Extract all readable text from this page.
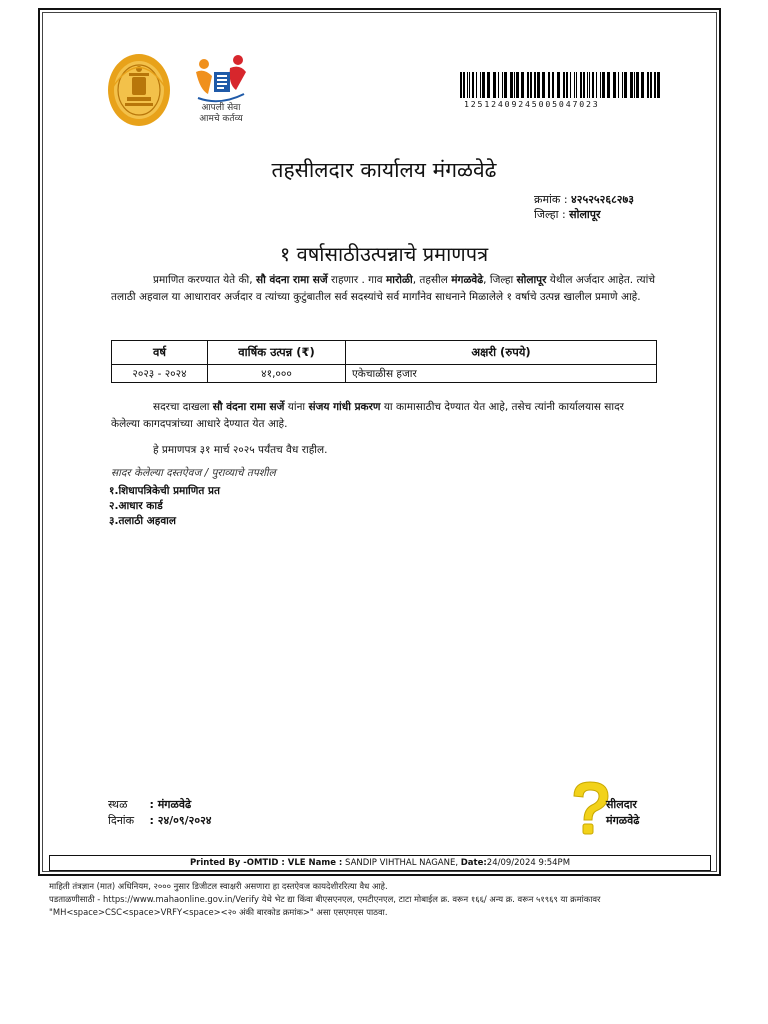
आपली सेवा
आमचे कर्तव्य
1251240924500504702З
तहसीलदार कार्यालय मंगळवेढे
क्रमांक : ४२५२५२६८२७३
जिल्हा : सोलापूर
१ वर्षासाठीउत्पन्नाचे प्रमाणपत्र
प्रमाणित करण्यात येते की, सौ वंदना रामा सर्जे राहणार . गाव मारोळी, तहसील मंगळवेढे, जिल्हा सोलापूर येथील अर्जदार आहेत. त्यांचे तलाठी अहवाल या आधारावर अर्जदार व त्यांच्या कुटुंबातील सर्व सदस्यांचे सर्व मार्गांनेव साधनाने मिळालेले १ वर्षाचे उत्पन्न खालील प्रमाणे आहे.
वर्ष	वार्षिक उत्पन्न (₹)	अक्षरी (रुपये)
२०२३ - २०२४	४१,०००	एकेचाळीस हजार
सदरचा दाखला सौ वंदना रामा सर्जे यांना संजय गांधी प्रकरण या कामासाठीच देण्यात येत आहे, तसेच त्यांनी कार्यालयास सादर केलेल्या कागदपत्रांच्या आधारे देण्यात येत आहे.
हे प्रमाणपत्र ३१ मार्च २०२५ पर्यंतच वैध राहील.
सादर केलेल्या दस्तऐवज / पुराव्याचे तपशील
१.शिधापत्रिकेची प्रमाणित प्रत
२.आधार कार्ड
३.तलाठी अहवाल
स्थळ : मंगळवेढे
दिनांक : २४/०९/२०२४
सीलदार
मंगळवेढे
Printed By -OMTID : VLE Name : SANDIP VIHTHAL NAGANE, Date:24/09/2024 9:54PM
माहिती तंत्रज्ञान (मात) अधिनियम, २००० नुसार डिजीटल स्वाक्षरी असणारा हा दस्तऐवज कायदेशीररित्या वैध आहे.
पडताळणीसाठी - https://www.mahaonline.gov.in/Verify येथे भेट द्या किंवा बीएसएनएल, एमटीएनएल, टाटा मोबाईल क्र. वरून १६६/ अन्य क्र. वरून ५१९६९ या क्रमांकावर
"MH<space>CSC<space>VRFY<space><२० अंकी बारकोड क्रमांक>" असा एसएमएस पाठवा.
